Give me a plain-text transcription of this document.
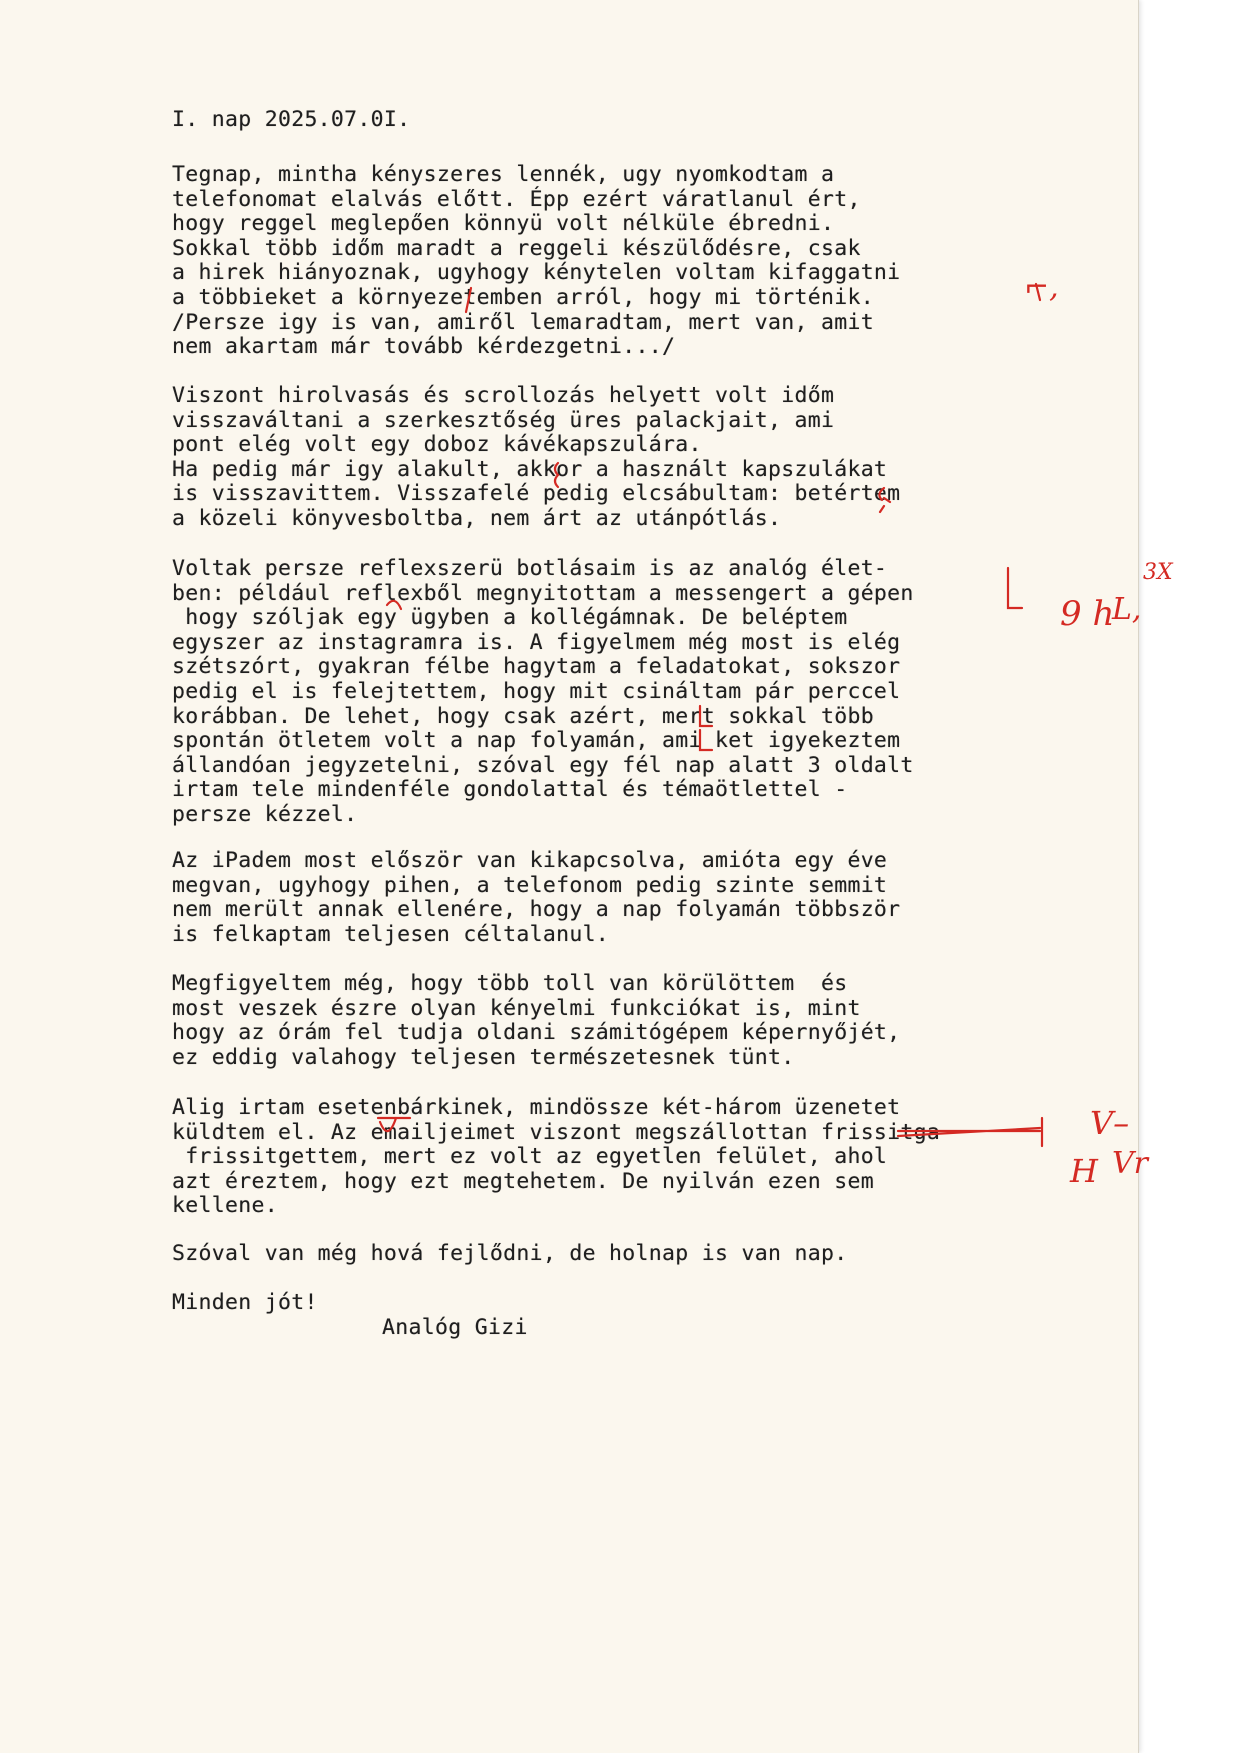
I. nap 2025.07.0I.
Tegnap, mintha kényszeres lennék, ugy nyomkodtam a
telefonomat elalvás előtt. Épp ezért váratlanul ért,
hogy reggel meglepően könnyü volt nélküle ébredni.
Sokkal több időm maradt a reggeli készülődésre, csak
a hirek hiányoznak, ugyhogy kénytelen voltam kifaggatni
a többieket a környezetemben arról, hogy mi történik.
/Persze igy is van, amiről lemaradtam, mert van, amit
nem akartam már tovább kérdezgetni.../
Viszont hirolvasás és scrollozás helyett volt időm
visszaváltani a szerkesztőség üres palackjait, ami
pont elég volt egy doboz kávékapszulára.
Ha pedig már igy alakult, akkor a használt kapszulákat
is visszavittem. Visszafelé pedig elcsábultam: betértem
a közeli könyvesboltba, nem árt az utánpótlás.
Voltak persze reflexszerü botlásaim is az analóg élet-
ben: például reflexből megnyitottam a messengert a gépen
hogy szóljak egy ügyben a kollégámnak. De beléptem
egyszer az instagramra is. A figyelmem még most is elég
szétszórt, gyakran félbe hagytam a feladatokat, sokszor
pedig el is felejtettem, hogy mit csináltam pár perccel
korábban. De lehet, hogy csak azért, mert sokkal több
spontán ötletem volt a nap folyamán, ami ket igyekeztem
állandóan jegyzetelni, szóval egy fél nap alatt 3 oldalt
irtam tele mindenféle gondolattal és témaötlettel -
persze kézzel.
Az iPadem most először van kikapcsolva, amióta egy éve
megvan, ugyhogy pihen, a telefonom pedig szinte semmit
nem merült annak ellenére, hogy a nap folyamán többször
is felkaptam teljesen céltalanul.
Megfigyeltem még, hogy több toll van körülöttem  és
most veszek észre olyan kényelmi funkciókat is, mint
hogy az órám fel tudja oldani számitógépem képernyőjét,
ez eddig valahogy teljesen természetesnek tünt.
Alig irtam esetenbárkinek, mindössze két-három üzenetet
küldtem el. Az emailjeimet viszont megszállottan frissitga
frissitgettem, mert ez volt az egyetlen felület, ahol
azt éreztem, hogy ezt megtehetem. De nyilván ezen sem
kellene.
Szóval van még hová fejlődni, de holnap is van nap.
Minden jót!
Analóg Gizi
⌐,
3X
9 h
L,
V–
H Vr
